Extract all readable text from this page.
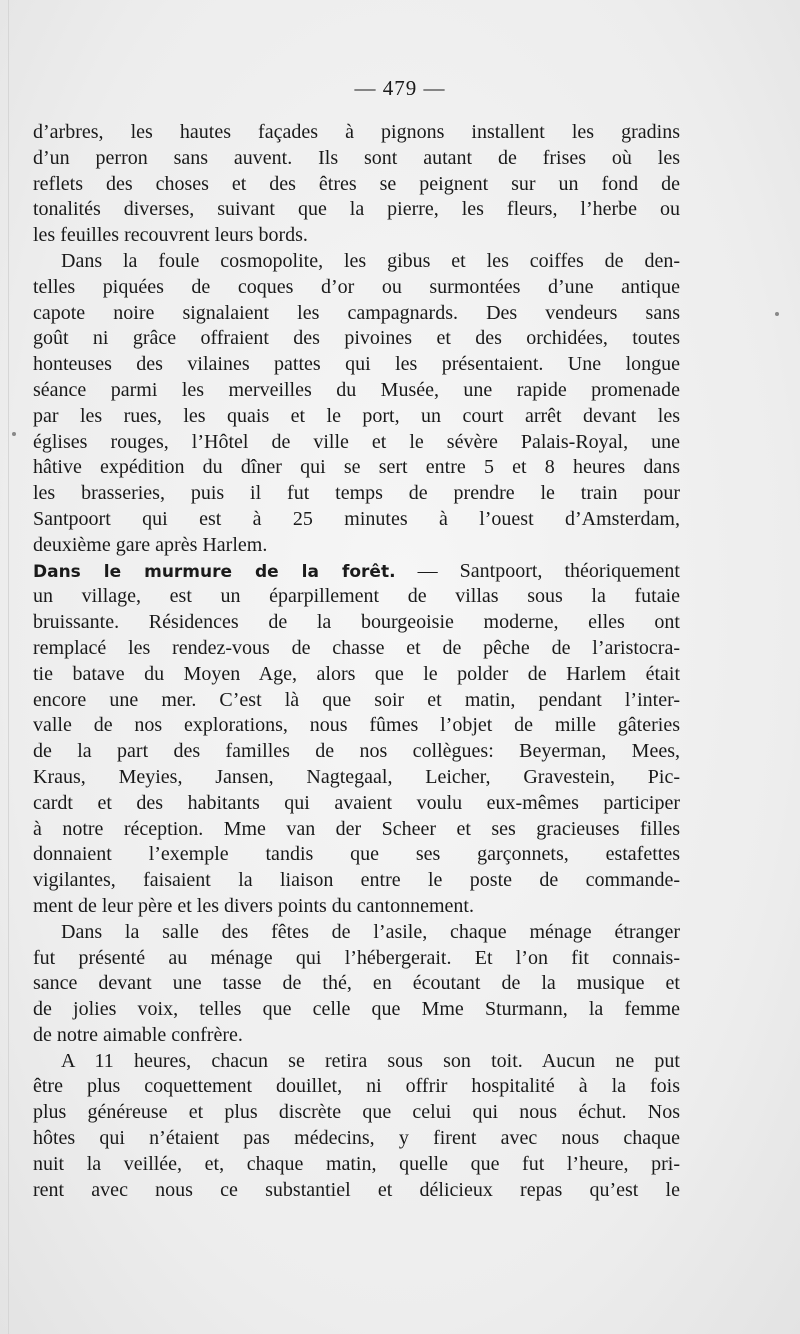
— 479 —
d’arbres, les hautes façades à pignons installent les gradins
d’un perron sans auvent. Ils sont autant de frises où les
reflets des choses et des êtres se peignent sur un fond de
tonalités diverses, suivant que la pierre, les fleurs, l’herbe ou
les feuilles recouvrent leurs bords.
Dans la foule cosmopolite, les gibus et les coiffes de den-
telles piquées de coques d’or ou surmontées d’une antique
capote noire signalaient les campagnards. Des vendeurs sans
goût ni grâce offraient des pivoines et des orchidées, toutes
honteuses des vilaines pattes qui les présentaient. Une longue
séance parmi les merveilles du Musée, une rapide promenade
par les rues, les quais et le port, un court arrêt devant les
églises rouges, l’Hôtel de ville et le sévère Palais-Royal, une
hâtive expédition du dîner qui se sert entre 5 et 8 heures dans
les brasseries, puis il fut temps de prendre le train pour
Santpoort qui est à 25 minutes à l’ouest d’Amsterdam,
deuxième gare après Harlem.
Dans le murmure de la forêt. — Santpoort, théoriquement
un village, est un éparpillement de villas sous la futaie
bruissante. Résidences de la bourgeoisie moderne, elles ont
remplacé les rendez-vous de chasse et de pêche de l’aristocra-
tie batave du Moyen Age, alors que le polder de Harlem était
encore une mer. C’est là que soir et matin, pendant l’inter-
valle de nos explorations, nous fûmes l’objet de mille gâteries
de la part des familles de nos collègues: Beyerman, Mees,
Kraus, Meyies, Jansen, Nagtegaal, Leicher, Gravestein, Pic-
cardt et des habitants qui avaient voulu eux-mêmes participer
à notre réception. Mme van der Scheer et ses gracieuses filles
donnaient l’exemple tandis que ses garçonnets, estafettes
vigilantes, faisaient la liaison entre le poste de commande-
ment de leur père et les divers points du cantonnement.
Dans la salle des fêtes de l’asile, chaque ménage étranger
fut présenté au ménage qui l’hébergerait. Et l’on fit connais-
sance devant une tasse de thé, en écoutant de la musique et
de jolies voix, telles que celle que Mme Sturmann, la femme
de notre aimable confrère.
A 11 heures, chacun se retira sous son toit. Aucun ne put
être plus coquettement douillet, ni offrir hospitalité à la fois
plus généreuse et plus discrète que celui qui nous échut. Nos
hôtes qui n’étaient pas médecins, y firent avec nous chaque
nuit la veillée, et, chaque matin, quelle que fut l’heure, pri-
rent avec nous ce substantiel et délicieux repas qu’est le
